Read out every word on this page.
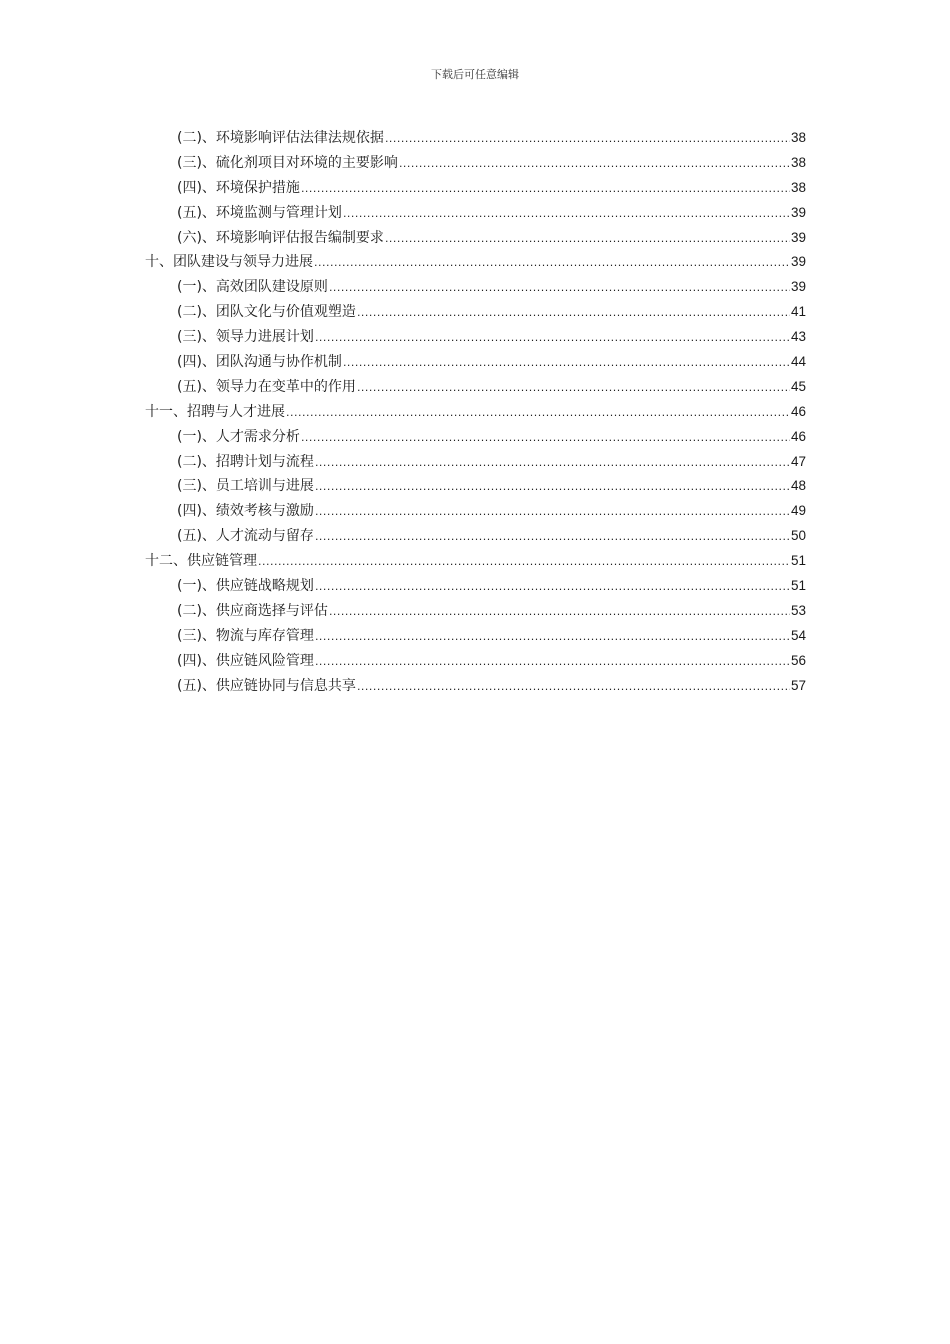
下载后可任意编辑
(二)、环境影响评估法律法规依据 .....	38
(三)、硫化剂项目对环境的主要影响 .....	38
(四)、环境保护措施 .....	38
(五)、环境监测与管理计划 .....	39
(六)、环境影响评估报告编制要求 .....	39
十、团队建设与领导力进展 .....	39
(一)、高效团队建设原则 .....	39
(二)、团队文化与价值观塑造 .....	41
(三)、领导力进展计划 .....	43
(四)、团队沟通与协作机制 .....	44
(五)、领导力在变革中的作用 .....	45
十一、招聘与人才进展 .....	46
(一)、人才需求分析 .....	46
(二)、招聘计划与流程 .....	47
(三)、员工培训与进展 .....	48
(四)、绩效考核与激励 .....	49
(五)、人才流动与留存 .....	50
十二、供应链管理 .....	51
(一)、供应链战略规划 .....	51
(二)、供应商选择与评估 .....	53
(三)、物流与库存管理 .....	54
(四)、供应链风险管理 .....	56
(五)、供应链协同与信息共享 .....	57
